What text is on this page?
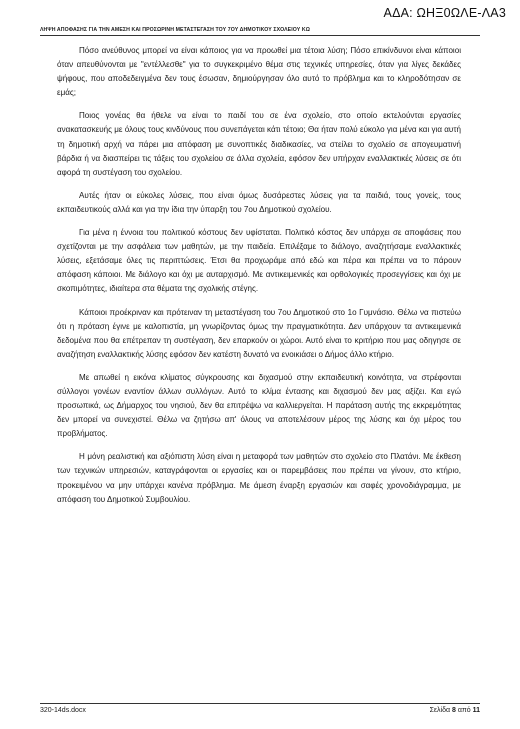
ΑΔΑ: ΩΗΞ0ΩΛΕ-ΛΑ3
ΛΗΨΗ ΑΠΟΦΑΣΗΣ ΓΙΑ ΤΗΝ ΑΜΕΣΗ ΚΑΙ ΠΡΟΣΩΡΙΝΗ ΜΕΤΑΣΤΕΓΑΣΗ ΤΟΥ 7ΟΥ ΔΗΜΟΤΙΚΟΥ ΣΧΟΛΕΙΟΥ ΚΩ

Πόσο ανεύθυνος μπορεί να είναι κάποιος για να προωθεί μια τέτοια λύση; Πόσο επικίνδυνοι είναι κάποιοι όταν απευθύνονται με "εντέλλεσθε" για το συγκεκριμένο θέμα στις τεχνικές υπηρεσίες, όταν για λίγες δεκάδες ψήφους, που αποδεδειγμένα δεν τους έσωσαν, δημιούργησαν όλο αυτό το πρόβλημα και το κληροδότησαν σε εμάς;

Ποιος γονέας θα ήθελε να είναι το παιδί του σε ένα σχολείο, στο οποίο εκτελούνται εργασίες ανακατασκευής με όλους τους κινδύνους που συνεπάγεται κάτι τέτοιο; Θα ήταν πολύ εύκολο για μένα και για αυτή τη δημοτική αρχή να πάρει μια απόφαση με συνοπτικές διαδικασίες, να στείλει το σχολείο σε απογευματινή βάρδια ή να διασπείρει τις τάξεις του σχολείου σε άλλα σχολεία, εφόσον δεν υπήρχαν εναλλακτικές λύσεις σε ότι αφορά τη συστέγαση του σχολείου.

Αυτές ήταν οι εύκολες λύσεις, που είναι όμως δυσάρεστες λύσεις για τα παιδιά, τους γονείς, τους εκπαιδευτικούς αλλά και για την ίδια την ύπαρξη του 7ου Δημοτικού σχολείου.

Για μένα η έννοια του πολιτικού κόστους δεν υφίσταται. Πολιτικό κόστος δεν υπάρχει σε αποφάσεις που σχετίζονται με την ασφάλεια των μαθητών, με την παιδεία. Επιλέξαμε το διάλογο, αναζητήσαμε εναλλακτικές λύσεις, εξετάσαμε όλες τις περιπτώσεις. Έτσι θα προχωράμε από εδώ και πέρα και πρέπει να το πάρουν απόφαση κάποιοι. Με διάλογο και όχι με αυταρχισμό. Με αντικειμενικές και ορθολογικές προσεγγίσεις και όχι με σκοπιμότητες, ιδιαίτερα στα θέματα της σχολικής στέγης.

Κάποιοι προέκριναν και πρότειναν τη μεταστέγαση του 7ου Δημοτικού στο 1ο Γυμνάσιο. Θέλω να πιστεύω ότι η πρόταση έγινε με καλοπιστία, μη γνωρίζοντας όμως την πραγματικότητα. Δεν υπάρχουν τα αντικειμενικά δεδομένα που θα επέτρεπαν τη συστέγαση, δεν επαρκούν οι χώροι. Αυτό είναι το κριτήριο που μας οδηγησε σε αναζήτηση εναλλακτικής λύσης εφόσον δεν κατέστη δυνατό να ενοικιάσει ο Δήμος άλλο κτήριο.

Με απωθεί η εικόνα κλίματος σύγκρουσης και διχασμού στην εκπαιδευτική κοινότητα, να στρέφονται σύλλογοι γονέων εναντίον άλλων συλλόγων. Αυτό το κλίμα έντασης και διχασμού δεν μας αξίζει. Και εγώ προσωπικά, ως Δήμαρχος του νησιού, δεν θα επιτρέψω να καλλιεργείται. Η παράταση αυτής της εκκρεμότητας δεν μπορεί να συνεχιστεί. Θέλω να ζητήσω απ' όλους να αποτελέσουν μέρος της λύσης και όχι μέρος του προβλήματος.

Η μόνη ρεαλιστική και αξιόπιστη λύση είναι η μεταφορά των μαθητών στο σχολείο στο Πλατάνι. Με έκθεση των τεχνικών υπηρεσιών, καταγράφονται οι εργασίες και οι παρεμβάσεις που πρέπει να γίνουν, στο κτήριο, προκειμένου να μην υπάρχει κανένα πρόβλημα. Με άμεση έναρξη εργασιών και σαφές χρονοδιάγραμμα, με απόφαση του Δημοτικού Συμβουλίου.

320-14ds.docx	Σελίδα 8 από 11
